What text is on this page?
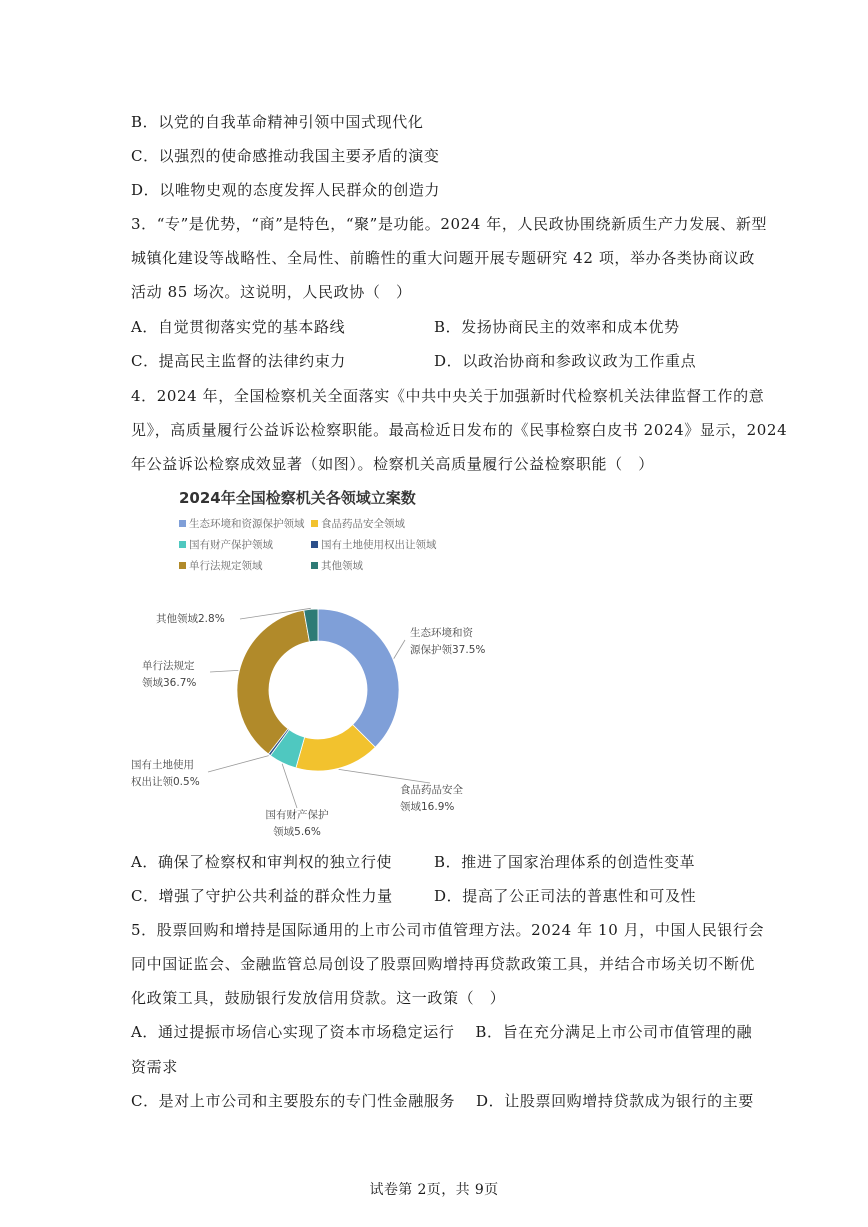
B．以党的自我革命精神引领中国式现代化
C．以强烈的使命感推动我国主要矛盾的演变
D．以唯物史观的态度发挥人民群众的创造力
3．“专”是优势，“商”是特色，“聚”是功能。2024 年，人民政协围绕新质生产力发展、新型
城镇化建设等战略性、全局性、前瞻性的重大问题开展专题研究 42 项，举办各类协商议政
活动 85 场次。这说明，人民政协（　）
A．自觉贯彻落实党的基本路线	B．发扬协商民主的效率和成本优势
C．提高民主监督的法律约束力	D．以政治协商和参政议政为工作重点
4．2024 年，全国检察机关全面落实《中共中央关于加强新时代检察机关法律监督工作的意
见》，高质量履行公益诉讼检察职能。最高检近日发布的《民事检察白皮书 2024》显示，2024
年公益诉讼检察成效显著（如图）。检察机关高质量履行公益检察职能（　）
2024年全国检察机关各领域立案数
生态环境和资源保护领域 食品药品安全领域
国有财产保护领域	国有土地使用权出让领域
单行法规定领域	其他领域
生态环境和资
源保护领37.5%
食品药品安全
领域16.9%
国有财产保护
领域5.6%
国有土地使用
权出让领0.5%
单行法规定
领域36.7%
其他领域2.8%
A．确保了检察权和审判权的独立行使	B．推进了国家治理体系的创造性变革
C．增强了守护公共利益的群众性力量	D．提高了公正司法的普惠性和可及性
5．股票回购和增持是国际通用的上市公司市值管理方法。2024 年 10 月，中国人民银行会
同中国证监会、金融监管总局创设了股票回购增持再贷款政策工具，并结合市场关切不断优
化政策工具，鼓励银行发放信用贷款。这一政策（　）
A．通过提振市场信心实现了资本市场稳定运行　 B．旨在充分满足上市公司市值管理的融
资需求
C．是对上市公司和主要股东的专门性金融服务　 D．让股票回购增持贷款成为银行的主要
试卷第 2页，共 9页
